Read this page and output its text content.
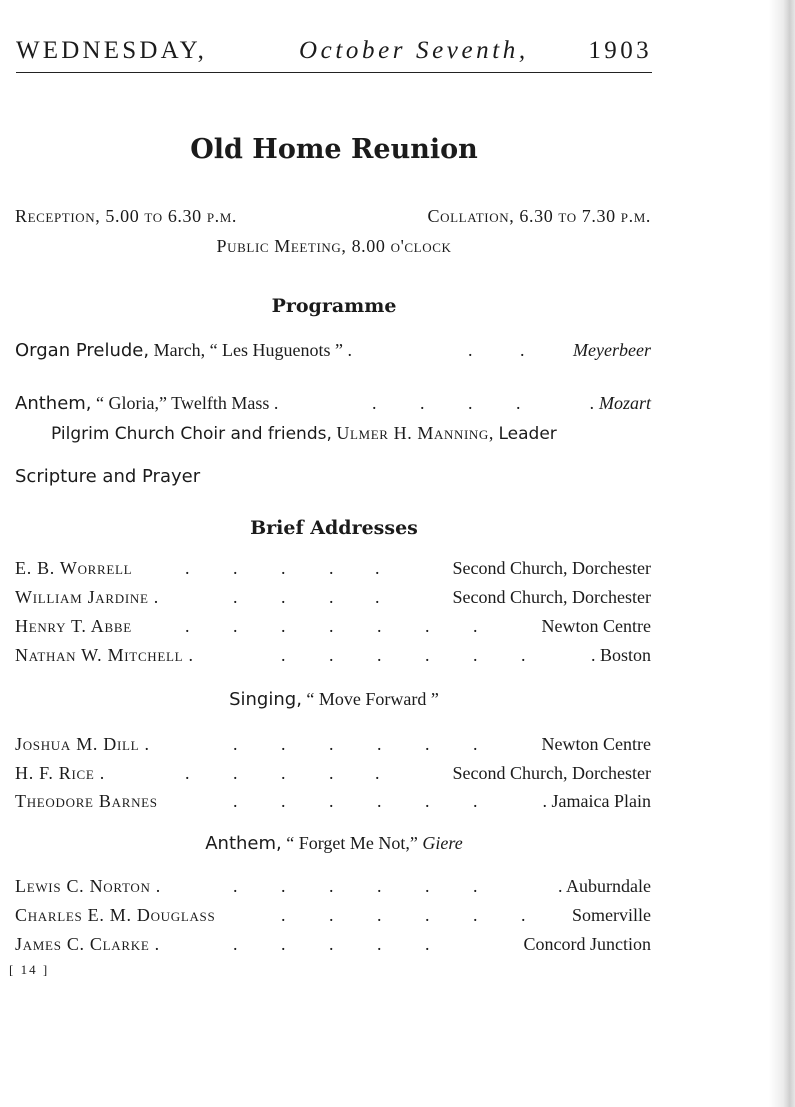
WEDNESDAY,	October Seventh, 1903
Old Home Reunion
Reception, 5.00 to 6.30 p.m.	Collation, 6.30 to 7.30 p.m.
Public Meeting, 8.00 o'clock
Programme
Organ Prelude, March, “ Les Huguenots ” .	.	.	Meyerbeer
Anthem, “ Gloria,” Twelfth Mass .	. . . .	. Mozart
Pilgrim Church Choir and friends, Ulmer H. Manning, Leader
Scripture and Prayer
Brief Addresses
E. B. Worrell	. . . . .	Second Church, Dorchester
William Jardine .	. . . .	Second Church, Dorchester
Henry T. Abbe	. . . . . . .	Newton Centre
Nathan W. Mitchell .	. . . . . .	. Boston
Singing, “ Move Forward ”
Joshua M. Dill .	. . . . . .	Newton Centre
H. F. Rice .	. . . . .	Second Church, Dorchester
Theodore Barnes	. . . . . .	. Jamaica Plain
Anthem, “ Forget Me Not,” Giere
Lewis C. Norton .	. . . . . .	. Auburndale
Charles E. M. Douglass	. . . . . .	Somerville
James C. Clarke .	. . . . .	Concord Junction
[ 14 ]
